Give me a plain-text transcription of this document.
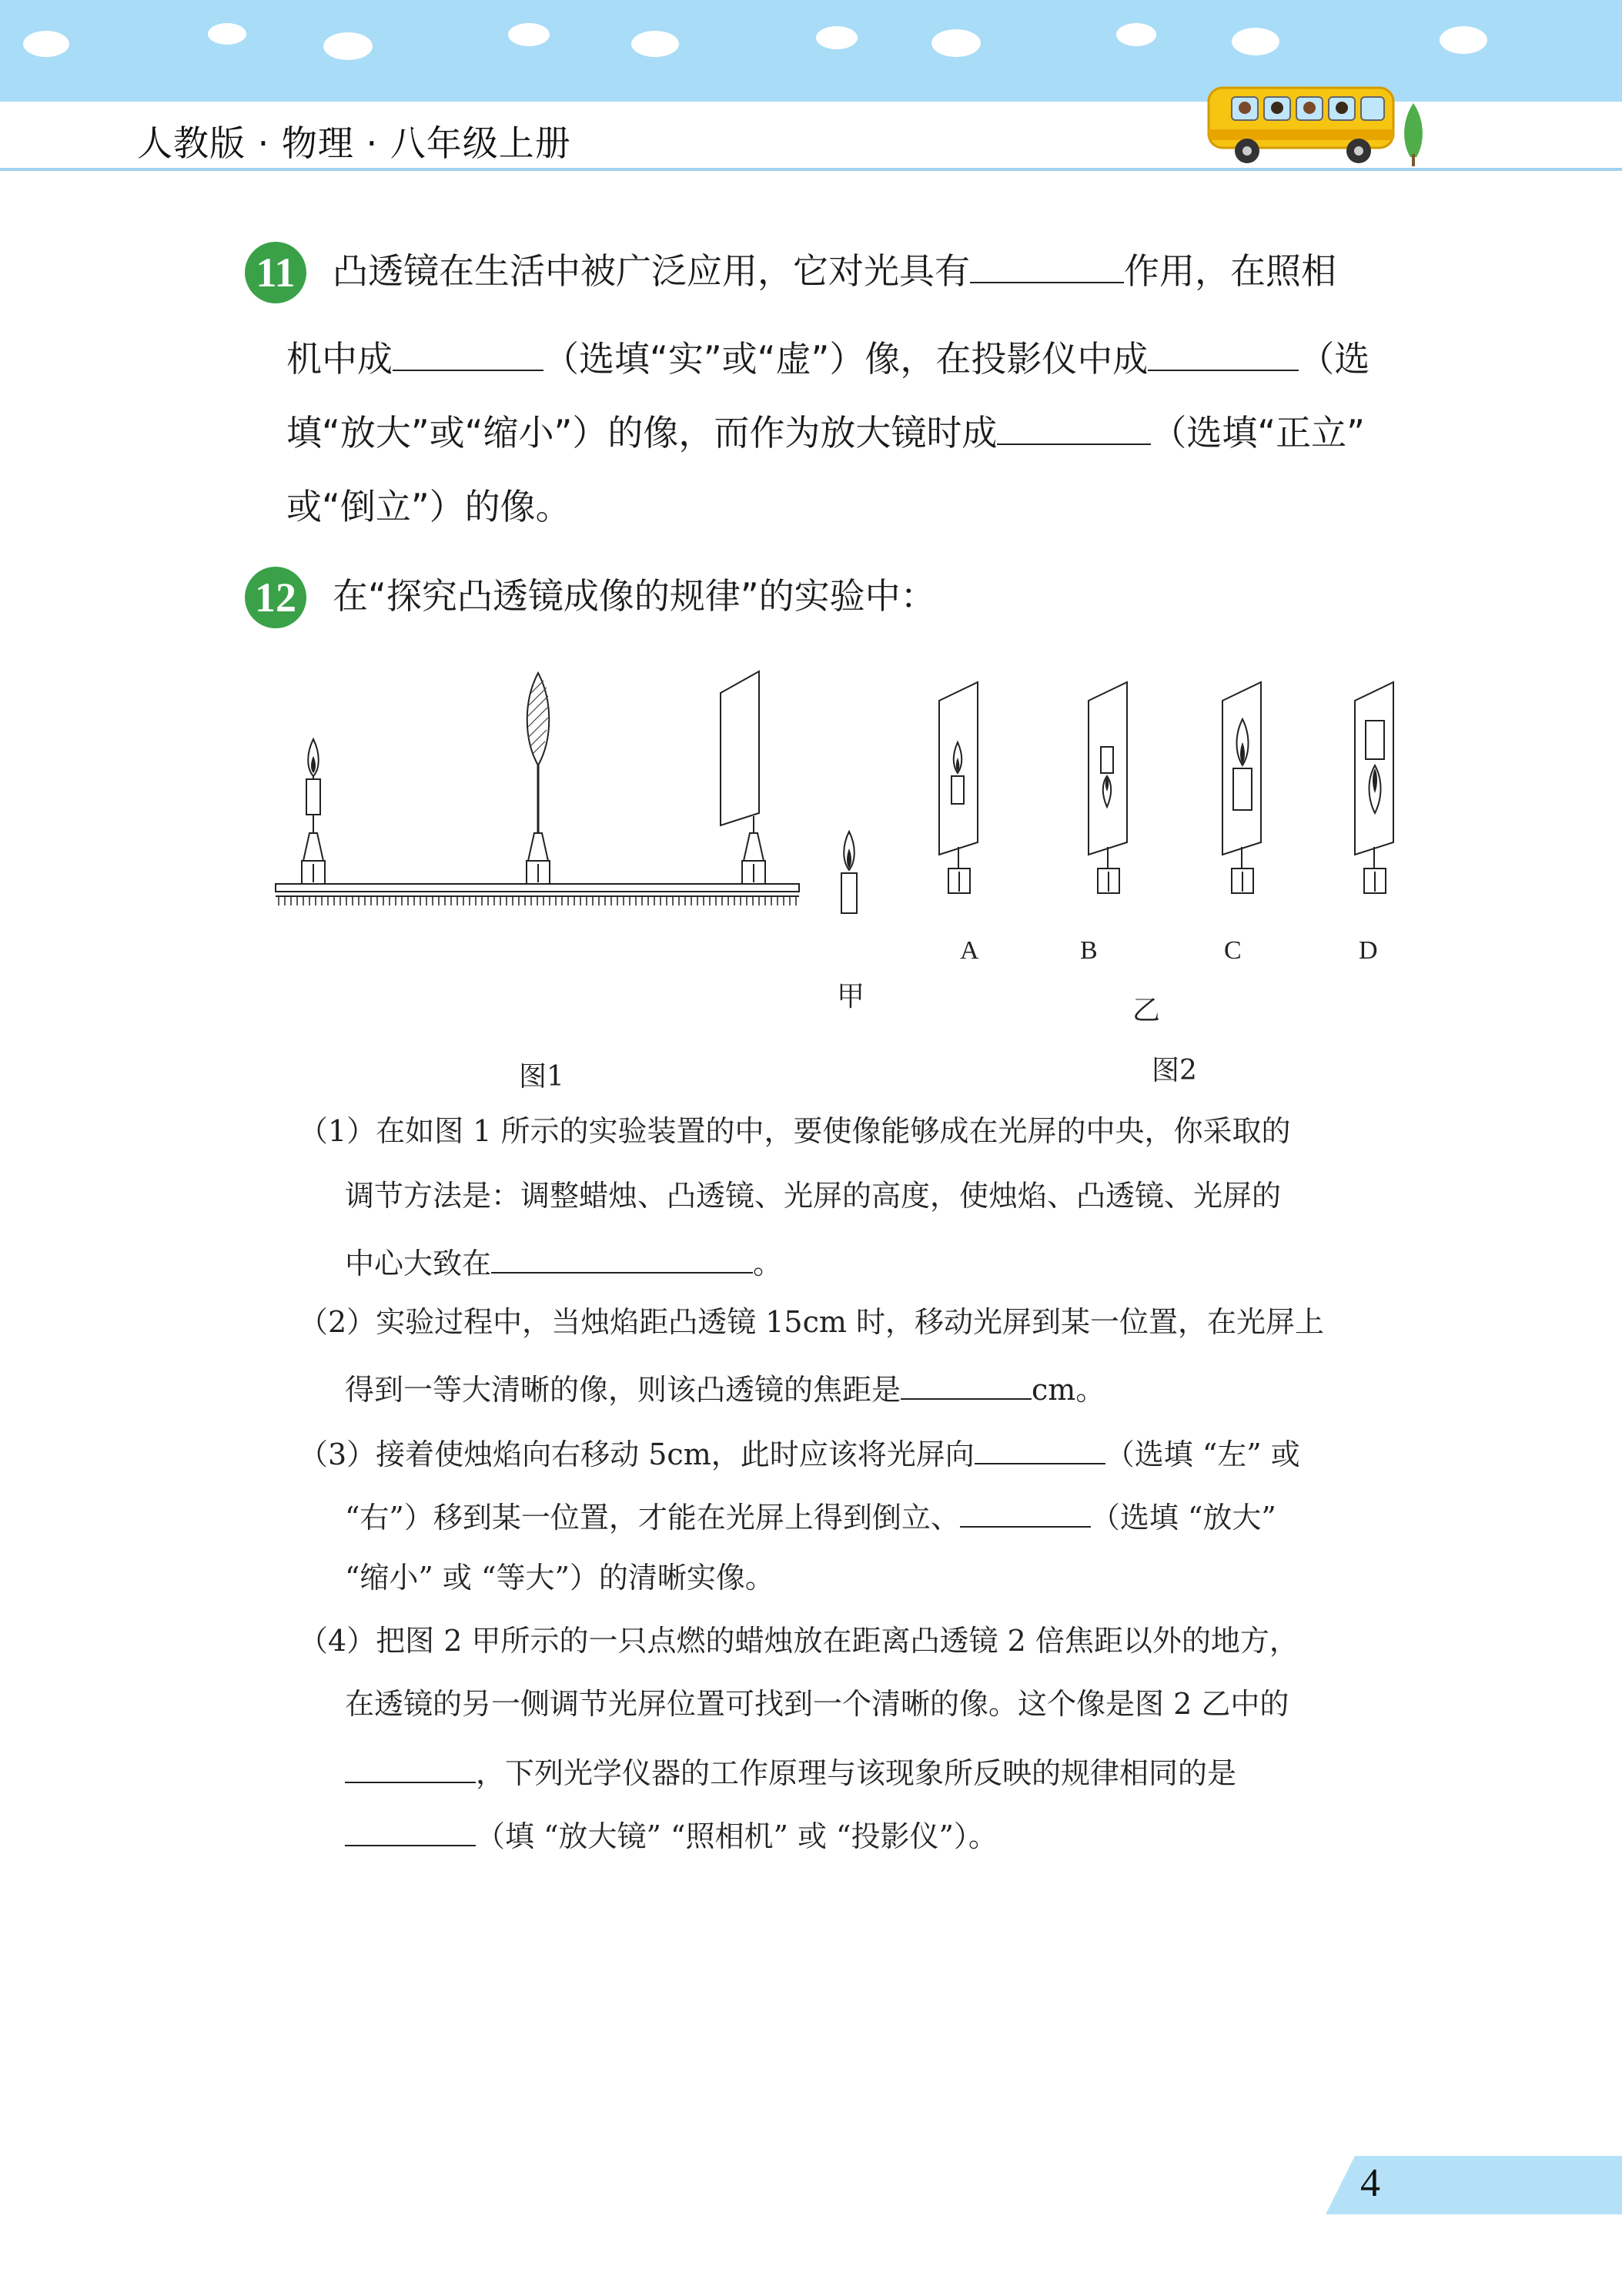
人教版 · 物理 · 八年级上册
11	凸透镜在生活中被广泛应用，它对光具有	作用，在照相
机中成	（选填“实”或“虚”）像，在投影仪中成	（选
填“放大”或“缩小”）的像，而作为放大镜时成	（选填“正立”
或“倒立”）的像。
12 在“探究凸透镜成像的规律”的实验中：
图1
A	B	C	D
甲	乙
图2
（1）在如图 1 所示的实验装置的中，要使像能够成在光屏的中央，你采取的
调节方法是：调整蜡烛、凸透镜、光屏的高度，使烛焰、凸透镜、光屏的
中心大致在	。
（2）实验过程中，当烛焰距凸透镜 15cm 时，移动光屏到某一位置，在光屏上
得到一等大清晰的像，则该凸透镜的焦距是	cm。
（3）接着使烛焰向右移动 5cm，此时应该将光屏向	（选填 “左” 或
“右”）移到某一位置，才能在光屏上得到倒立、	（选填 “放大”
“缩小” 或 “等大”）的清晰实像。
（4）把图 2 甲所示的一只点燃的蜡烛放在距离凸透镜 2 倍焦距以外的地方，
在透镜的另一侧调节光屏位置可找到一个清晰的像。这个像是图 2 乙中的
，下列光学仪器的工作原理与该现象所反映的规律相同的是
（填 “放大镜” “照相机” 或 “投影仪”）。
4
